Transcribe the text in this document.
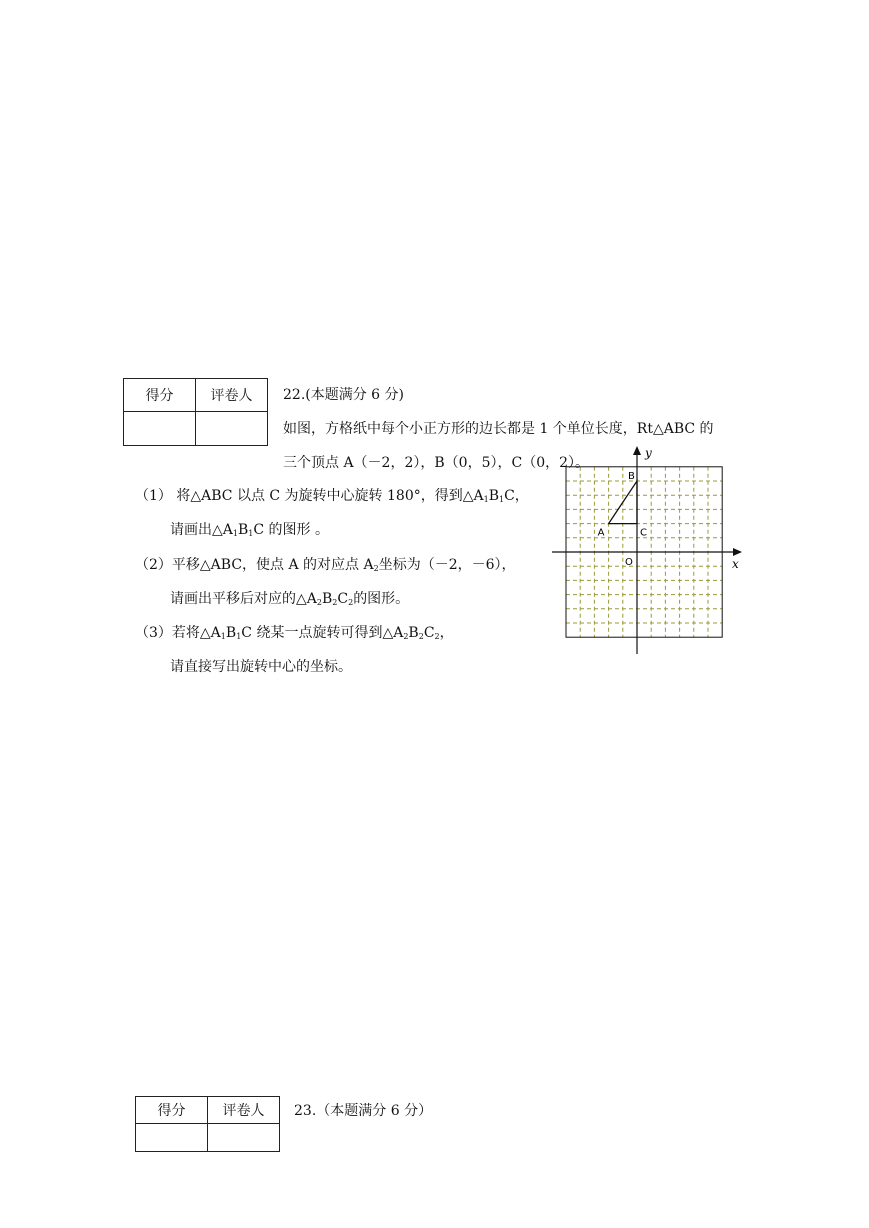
得分	评卷人
	22.(本题满分 6 分)
如图，方格纸中每个小正方形的边长都是 1 个单位长度，Rt△ABC 的
三个顶点 A（－2，2），B（0，5），C（0，2）。
（1） 将△ABC 以点 C 为旋转中心旋转 180°，得到$\triangle A_1B_1C$，
请画出$\triangle A_1B_1C$ 的图形 。
（2）平移△ABC，使点 A 的对应点 $A_2$坐标为（－2，－6），
请画出平移后对应的$\triangle A_2B_2C_2$的图形。
（3）若将$\triangle A_1B_1C$ 绕某一点旋转可得到$\triangle A_2B_2C_2$，
请直接写出旋转中心的坐标。
x
y
O
A
B
C
得分	评卷人
	23.（本题满分 6 分）
